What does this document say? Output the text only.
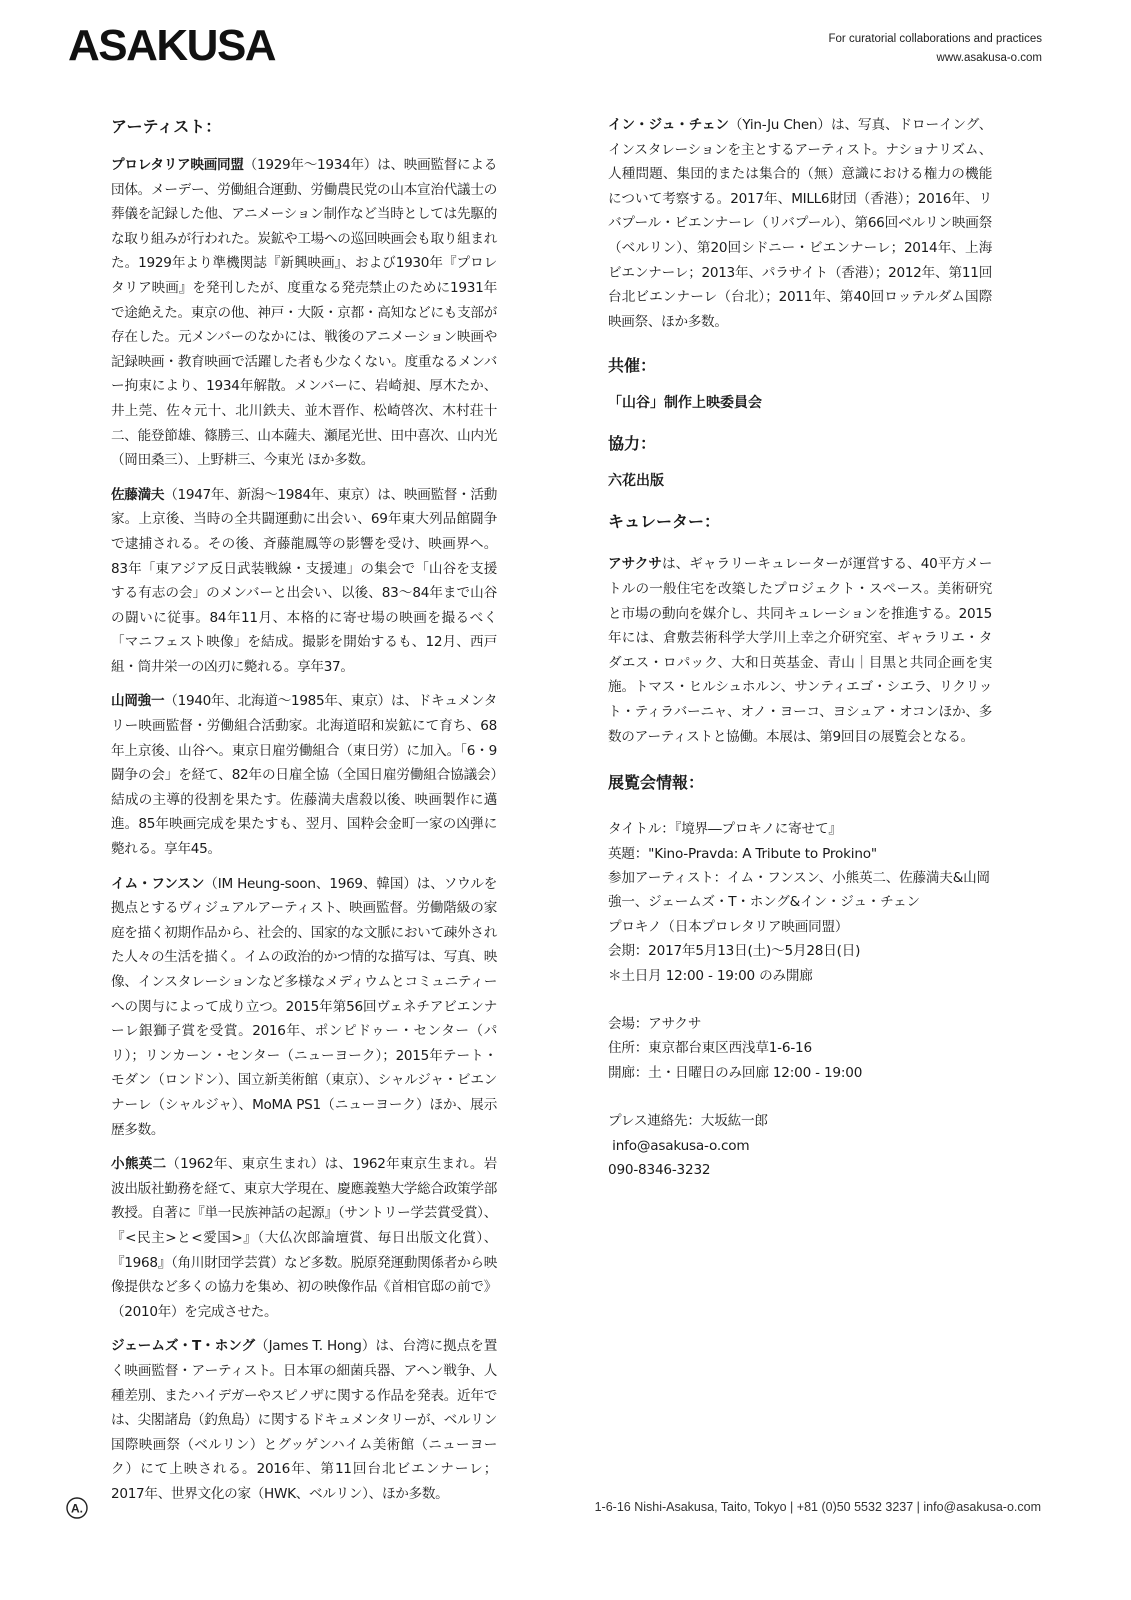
ASAKUSA	For curatorial collaborations and practices
www.asakusa-o.com
アーティスト：

プロレタリア映画同盟（1929年〜1934年）は、映画監督による団体。メーデー、労働組合運動、労働農民党の山本宣治代議士の葬儀を記録した他、アニメーション制作など当時としては先駆的な取り組みが行われた。炭鉱や工場への巡回映画会も取り組まれた。1929年より準機関誌『新興映画』、および1930年『プロレタリア映画』を発刊したが、度重なる発売禁止のために1931年で途絶えた。東京の他、神戸・大阪・京都・高知などにも支部が存在した。元メンバーのなかには、戦後のアニメーション映画や記録映画・教育映画で活躍した者も少なくない。度重なるメンバー拘束により、1934年解散。メンバーに、岩崎昶、厚木たか、井上莞、佐々元十、北川鉄夫、並木晋作、松崎啓次、木村荘十二、能登節雄、篠勝三、山本薩夫、瀬尾光世、田中喜次、山内光（岡田桑三）、上野耕三、今東光 ほか多数。

佐藤満夫（1947年、新潟〜1984年、東京）は、映画監督・活動家。上京後、当時の全共闘運動に出会い、69年東大列品館闘争で逮捕される。その後、斉藤龍鳳等の影響を受け、映画界へ。83年「東アジア反日武装戦線・支援連」の集会で「山谷を支援する有志の会」のメンバーと出会い、以後、83〜84年まで山谷の闘いに従事。84年11月、本格的に寄せ場の映画を撮るべく「マニフェスト映像」を結成。撮影を開始するも、12月、西戸組・筒井栄一の凶刃に斃れる。享年37。

山岡強一（1940年、北海道〜1985年、東京）は、ドキュメンタリー映画監督・労働組合活動家。北海道昭和炭鉱にて育ち、68年上京後、山谷へ。東京日雇労働組合（東日労）に加入。「6・9闘争の会」を経て、82年の日雇全協（全国日雇労働組合協議会）結成の主導的役割を果たす。佐藤満夫虐殺以後、映画製作に邁進。85年映画完成を果たすも、翌月、国粋会金町一家の凶弾に斃れる。享年45。

イム・フンスン（IM Heung-soon、1969、韓国）は、ソウルを拠点とするヴィジュアルアーティスト、映画監督。労働階級の家庭を描く初期作品から、社会的、国家的な文脈において疎外された人々の生活を描く。イムの政治的かつ情的な描写は、写真、映像、インスタレーションなど多様なメディウムとコミュニティーへの関与によって成り立つ。2015年第56回ヴェネチアビエンナーレ銀獅子賞を受賞。2016年、ポンピドゥー・センター（パリ）；リンカーン・センター（ニューヨーク）；2015年テート・モダン（ロンドン）、国立新美術館（東京）、シャルジャ・ビエンナーレ（シャルジャ）、MoMA PS1（ニューヨーク）ほか、展示歴多数。

小熊英二（1962年、東京生まれ）は、1962年東京生まれ。岩波出版社勤務を経て、東京大学現在、慶應義塾大学総合政策学部教授。自著に『単一民族神話の起源』（サントリー学芸賞受賞）、『<民主>と<愛国>』（大仏次郎論壇賞、毎日出版文化賞）、『1968』（角川財団学芸賞）など多数。脱原発運動関係者から映像提供など多くの協力を集め、初の映像作品《首相官邸の前で》（2010年）を完成させた。

ジェームズ・T・ホング（James T. Hong）は、台湾に拠点を置く映画監督・アーティスト。日本軍の細菌兵器、アヘン戦争、人種差別、またハイデガーやスピノザに関する作品を発表。近年では、尖閣諸島（釣魚島）に関するドキュメンタリーが、ベルリン国際映画祭（ベルリン）とグッゲンハイム美術館（ニューヨーク）にて上映される。2016年、第11回台北ビエンナーレ；2017年、世界文化の家（HWK、ベルリン）、ほか多数。

イン・ジュ・チェン（Yin-Ju Chen）は、写真、ドローイング、インスタレーションを主とするアーティスト。ナショナリズム、人種問題、集団的または集合的（無）意識における権力の機能について考察する。2017年、MILL6財団（香港）；2016年、リバプール・ビエンナーレ（リバプール）、第66回ベルリン映画祭（ベルリン）、第20回シドニー・ビエンナーレ；2014年、上海ビエンナーレ；2013年、パラサイト（香港）；2012年、第11回台北ビエンナーレ（台北）；2011年、第40回ロッテルダム国際映画祭、ほか多数。

共催：
「山谷」制作上映委員会
協力：
六花出版
キュレーター：

アサクサは、ギャラリーキュレーターが運営する、40平方メートルの一般住宅を改築したプロジェクト・スペース。美術研究と市場の動向を媒介し、共同キュレーションを推進する。2015年には、倉敷芸術科学大学川上幸之介研究室、ギャラリエ・タダエス・ロパック、大和日英基金、青山｜目黒と共同企画を実施。トマス・ヒルシュホルン、サンティエゴ・シエラ、リクリット・ティラバーニャ、オノ・ヨーコ、ヨシュア・オコンほか、多数のアーティストと協働。本展は、第9回目の展覧会となる。

展覧会情報：
タイトル：『境界―プロキノに寄せて』
英題："Kino-Pravda: A Tribute to Prokino"
参加アーティスト：イム・フンスン、小熊英二、佐藤満夫&山岡
強一、ジェームズ・T・ホング&イン・ジュ・チェン
プロキノ（日本プロレタリア映画同盟）
会期：2017年5月13日(土)〜5月28日(日)
＊土日月 12:00 - 19:00 のみ開廊
会場：アサクサ
住所：東京都台東区西浅草1-6-16
開廊：土・日曜日のみ回廊 12:00 - 19:00
プレス連絡先：大坂紘一郎
info@asakusa-o.com
090-8346-3232
A.	1-6-16 Nishi-Asakusa, Taito, Tokyo | +81 (0)50 5532 3237 | info@asakusa-o.com
